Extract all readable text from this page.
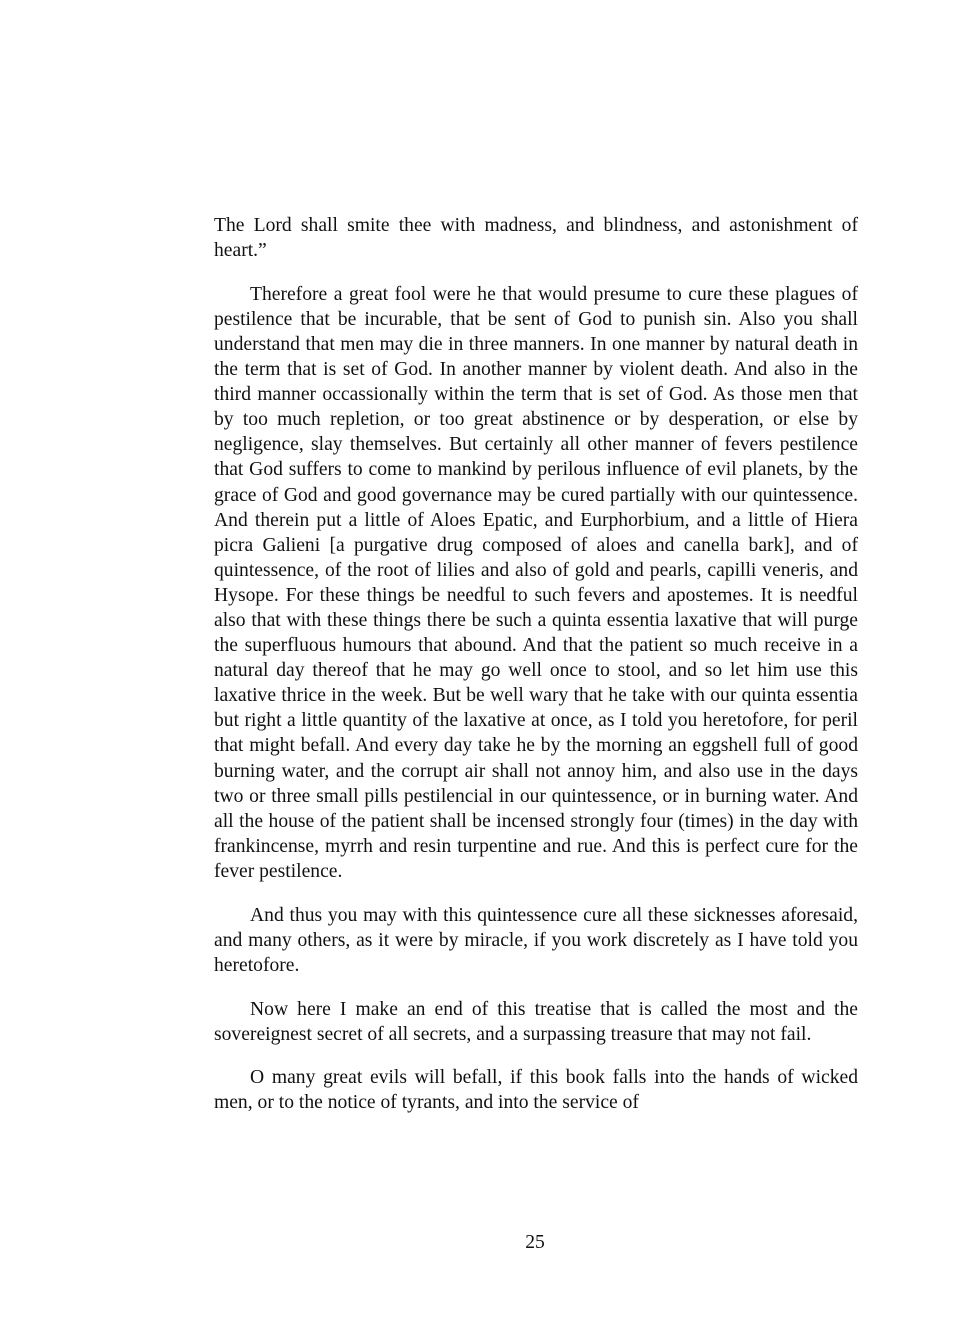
The Lord shall smite thee with madness, and blindness, and astonishment of heart.”

Therefore a great fool were he that would presume to cure these plagues of pestilence that be incurable, that be sent of God to punish sin. Also you shall understand that men may die in three manners. In one manner by natural death in the term that is set of God. In another manner by violent death. And also in the third manner occassionally within the term that is set of God. As those men that by too much repletion, or too great abstinence or by desperation, or else by negligence, slay themselves. But certainly all other manner of fevers pestilence that God suffers to come to mankind by perilous influence of evil planets, by the grace of God and good governance may be cured partially with our quintessence. And therein put a little of Aloes Epatic, and Eurphorbium, and a little of Hiera picra Galieni [a purgative drug composed of aloes and canella bark], and of quintessence, of the root of lilies and also of gold and pearls, capilli veneris, and Hysope. For these things be needful to such fevers and apostemes. It is needful also that with these things there be such a quinta essentia laxative that will purge the superfluous humours that abound. And that the patient so much receive in a natural day thereof that he may go well once to stool, and so let him use this laxative thrice in the week. But be well wary that he take with our quinta essentia but right a little quantity of the laxative at once, as I told you heretofore, for peril that might befall. And every day take he by the morning an eggshell full of good burning water, and the corrupt air shall not annoy him, and also use in the days two or three small pills pestilencial in our quintessence, or in burning water. And all the house of the patient shall be incensed strongly four (times) in the day with frankincense, myrrh and resin turpentine and rue. And this is perfect cure for the fever pestilence.

And thus you may with this quintessence cure all these sicknesses aforesaid, and many others, as it were by miracle, if you work discretely as I have told you heretofore.

Now here I make an end of this treatise that is called the most and the sovereignest secret of all secrets, and a surpassing treasure that may not fail.

O many great evils will befall, if this book falls into the hands of wicked men, or to the notice of tyrants, and into the service of

25
